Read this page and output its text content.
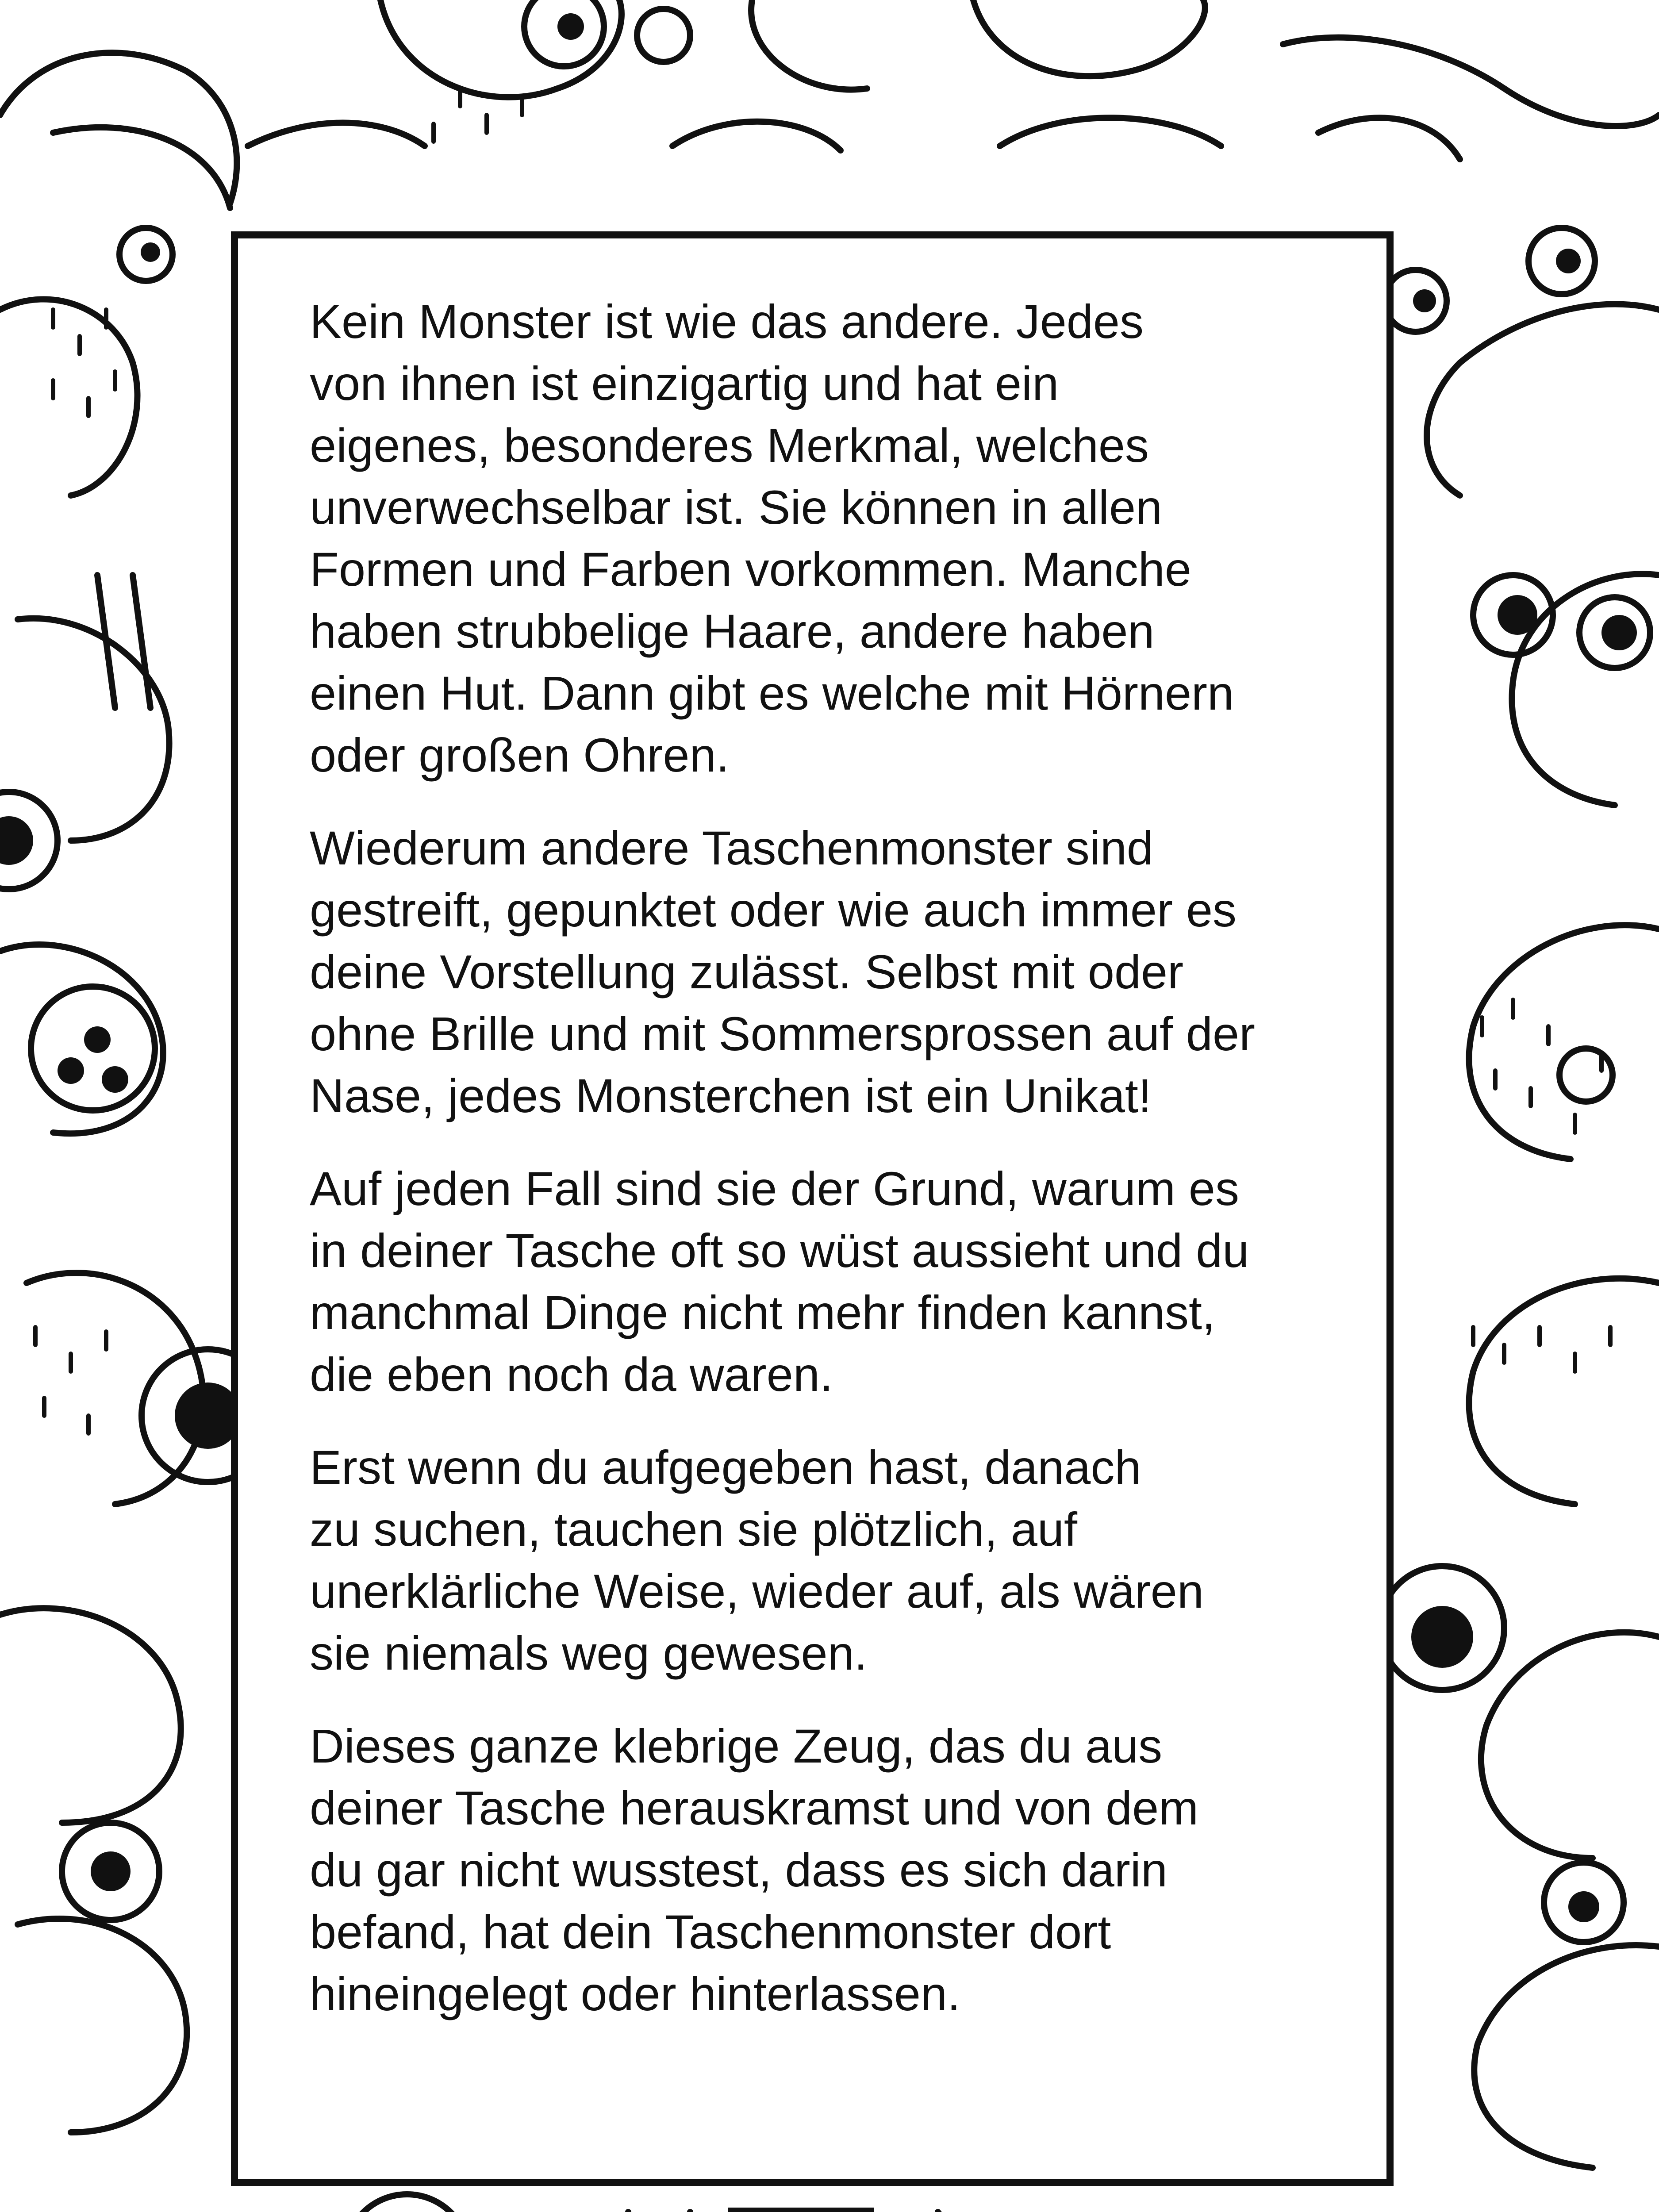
Kein Monster ist wie das andere. Jedes
von ihnen ist einzigartig und hat ein
eigenes, besonderes Merkmal, welches
unverwechselbar ist. Sie können in allen
Formen und Farben vorkommen. Manche
haben strubbelige Haare, andere haben
einen Hut. Dann gibt es welche mit Hörnern
oder großen Ohren.

Wiederum andere Taschenmonster sind
gestreift, gepunktet oder wie auch immer es
deine Vorstellung zulässt. Selbst mit oder
ohne Brille und mit Sommersprossen auf der
Nase, jedes Monsterchen ist ein Unikat!

Auf jeden Fall sind sie der Grund, warum es
in deiner Tasche oft so wüst aussieht und du
manchmal Dinge nicht mehr finden kannst,
die eben noch da waren.

Erst wenn du aufgegeben hast, danach
zu suchen, tauchen sie plötzlich, auf
unerklärliche Weise, wieder auf, als wären
sie niemals weg gewesen.

Dieses ganze klebrige Zeug, das du aus
deiner Tasche herauskramst und von dem
du gar nicht wusstest, dass es sich darin
befand, hat dein Taschenmonster dort
hineingelegt oder hinterlassen.
